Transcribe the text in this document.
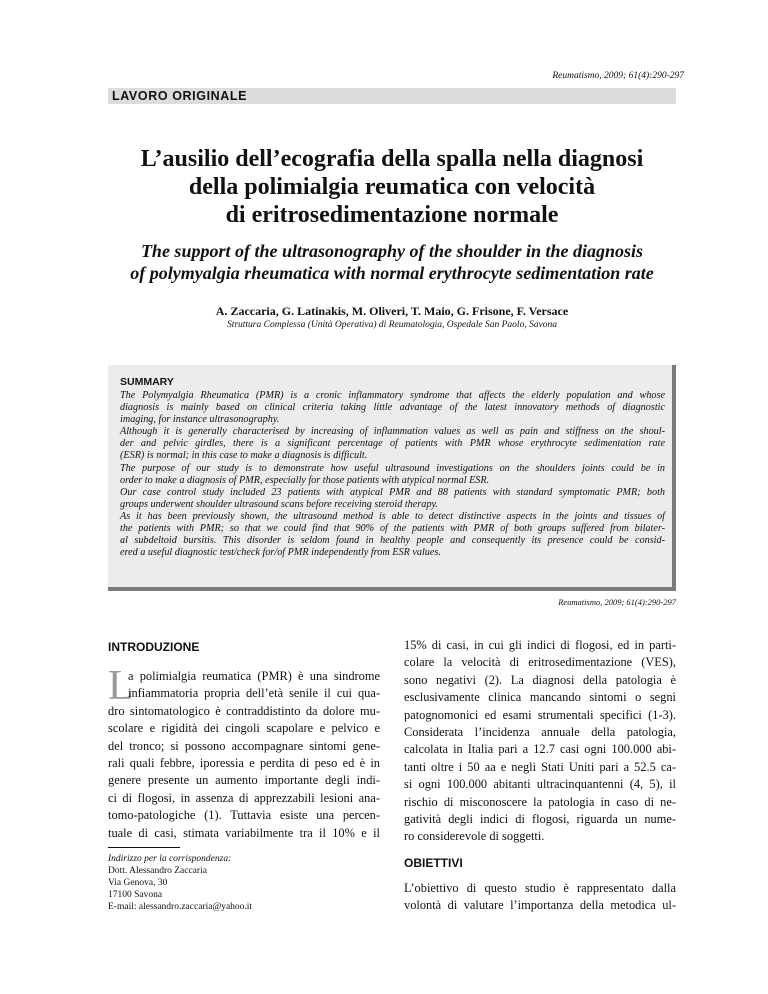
Reumatismo, 2009; 61(4):290-297
LAVORO ORIGINALE
L’ausilio dell’ecografia della spalla nella diagnosi
della polimialgia reumatica con velocità
di eritrosedimentazione normale
The support of the ultrasonography of the shoulder in the diagnosis
of polymyalgia rheumatica with normal erythrocyte sedimentation rate
A. Zaccaria, G. Latinakis, M. Oliveri, T. Maio, G. Frisone, F. Versace
Struttura Complessa (Unità Operativa) di Reumatologia, Ospedale San Paolo, Savona
SUMMARY
The Polymyalgia Rheumatica (PMR) is a cronic inflammatory syndrome that affects the elderly population and whose
diagnosis is mainly based on clinical criteria taking little advantage of the latest innovatory methods of diagnostic
imaging, for instance ultrasonography.
Although it is generally characterised by increasing of inflammation values as well as pain and stiffness on the shoul-
der and pelvic girdles, there is a significant percentage of patients with PMR whose erythrocyte sedimentation rate
(ESR) is normal; in this case to make a diagnosis is difficult.
The purpose of our study is to demonstrate how useful ultrasound investigations on the shoulders joints could be in
order to make a diagnosis of PMR, especially for those patients with atypical normal ESR.
Our case control study included 23 patients with atypical PMR and 88 patients with standard symptomatic PMR; both
groups underwent shoulder ultrasound scans before receiving steroid therapy.
As it has been previously shown, the ultrasound method is able to detect distinctive aspects in the joints and tissues of
the patients with PMR; so that we could find that 90% of the patients with PMR of both groups suffered from bilater-
al subdeltoid bursitis. This disorder is seldom found in healthy people and consequently its presence could be consid-
ered a useful diagnostic test/check for/of PMR independently from ESR values.
Reumatismo, 2009; 61(4):290-297
INTRODUZIONE
L
a polimialgia reumatica (PMR) è una sindrome
infiammatoria propria dell’età senile il cui qua-
dro sintomatologico è contraddistinto da dolore mu-
scolare e rigidità dei cingoli scapolare e pelvico e
del tronco; si possono accompagnare sintomi gene-
rali quali febbre, iporessia e perdita di peso ed è in
genere presente un aumento importante degli indi-
ci di flogosi, in assenza di apprezzabili lesioni ana-
tomo-patologiche (1). Tuttavia esiste una percen-
tuale di casi, stimata variabilmente tra il 10% e il
Indirizzo per la corrispondenza:
Dott. Alessandro Zaccaria
Via Genova, 30
17100 Savona
E-mail: alessandro.zaccaria@yahoo.it
15% di casi, in cui gli indici di flogosi, ed in parti-
colare la velocità di eritrosedimentazione (VES),
sono negativi (2). La diagnosi della patologia è
esclusivamente clinica mancando sintomi o segni
patognomonici ed esami strumentali specifici (1-3).
Considerata l’incidenza annuale della patologia,
calcolata in Italia pari a 12.7 casi ogni 100.000 abi-
tanti oltre i 50 aa e negli Stati Uniti pari a 52.5 ca-
si ogni 100.000 abitanti ultracinquantenni (4, 5), il
rischio di misconoscere la patologia in caso di ne-
gatività degli indici di flogosi, riguarda un nume-
ro considerevole di soggetti.
OBIETTIVI
L’obiettivo di questo studio è rappresentato dalla
volontà di valutare l’importanza della metodica ul-
